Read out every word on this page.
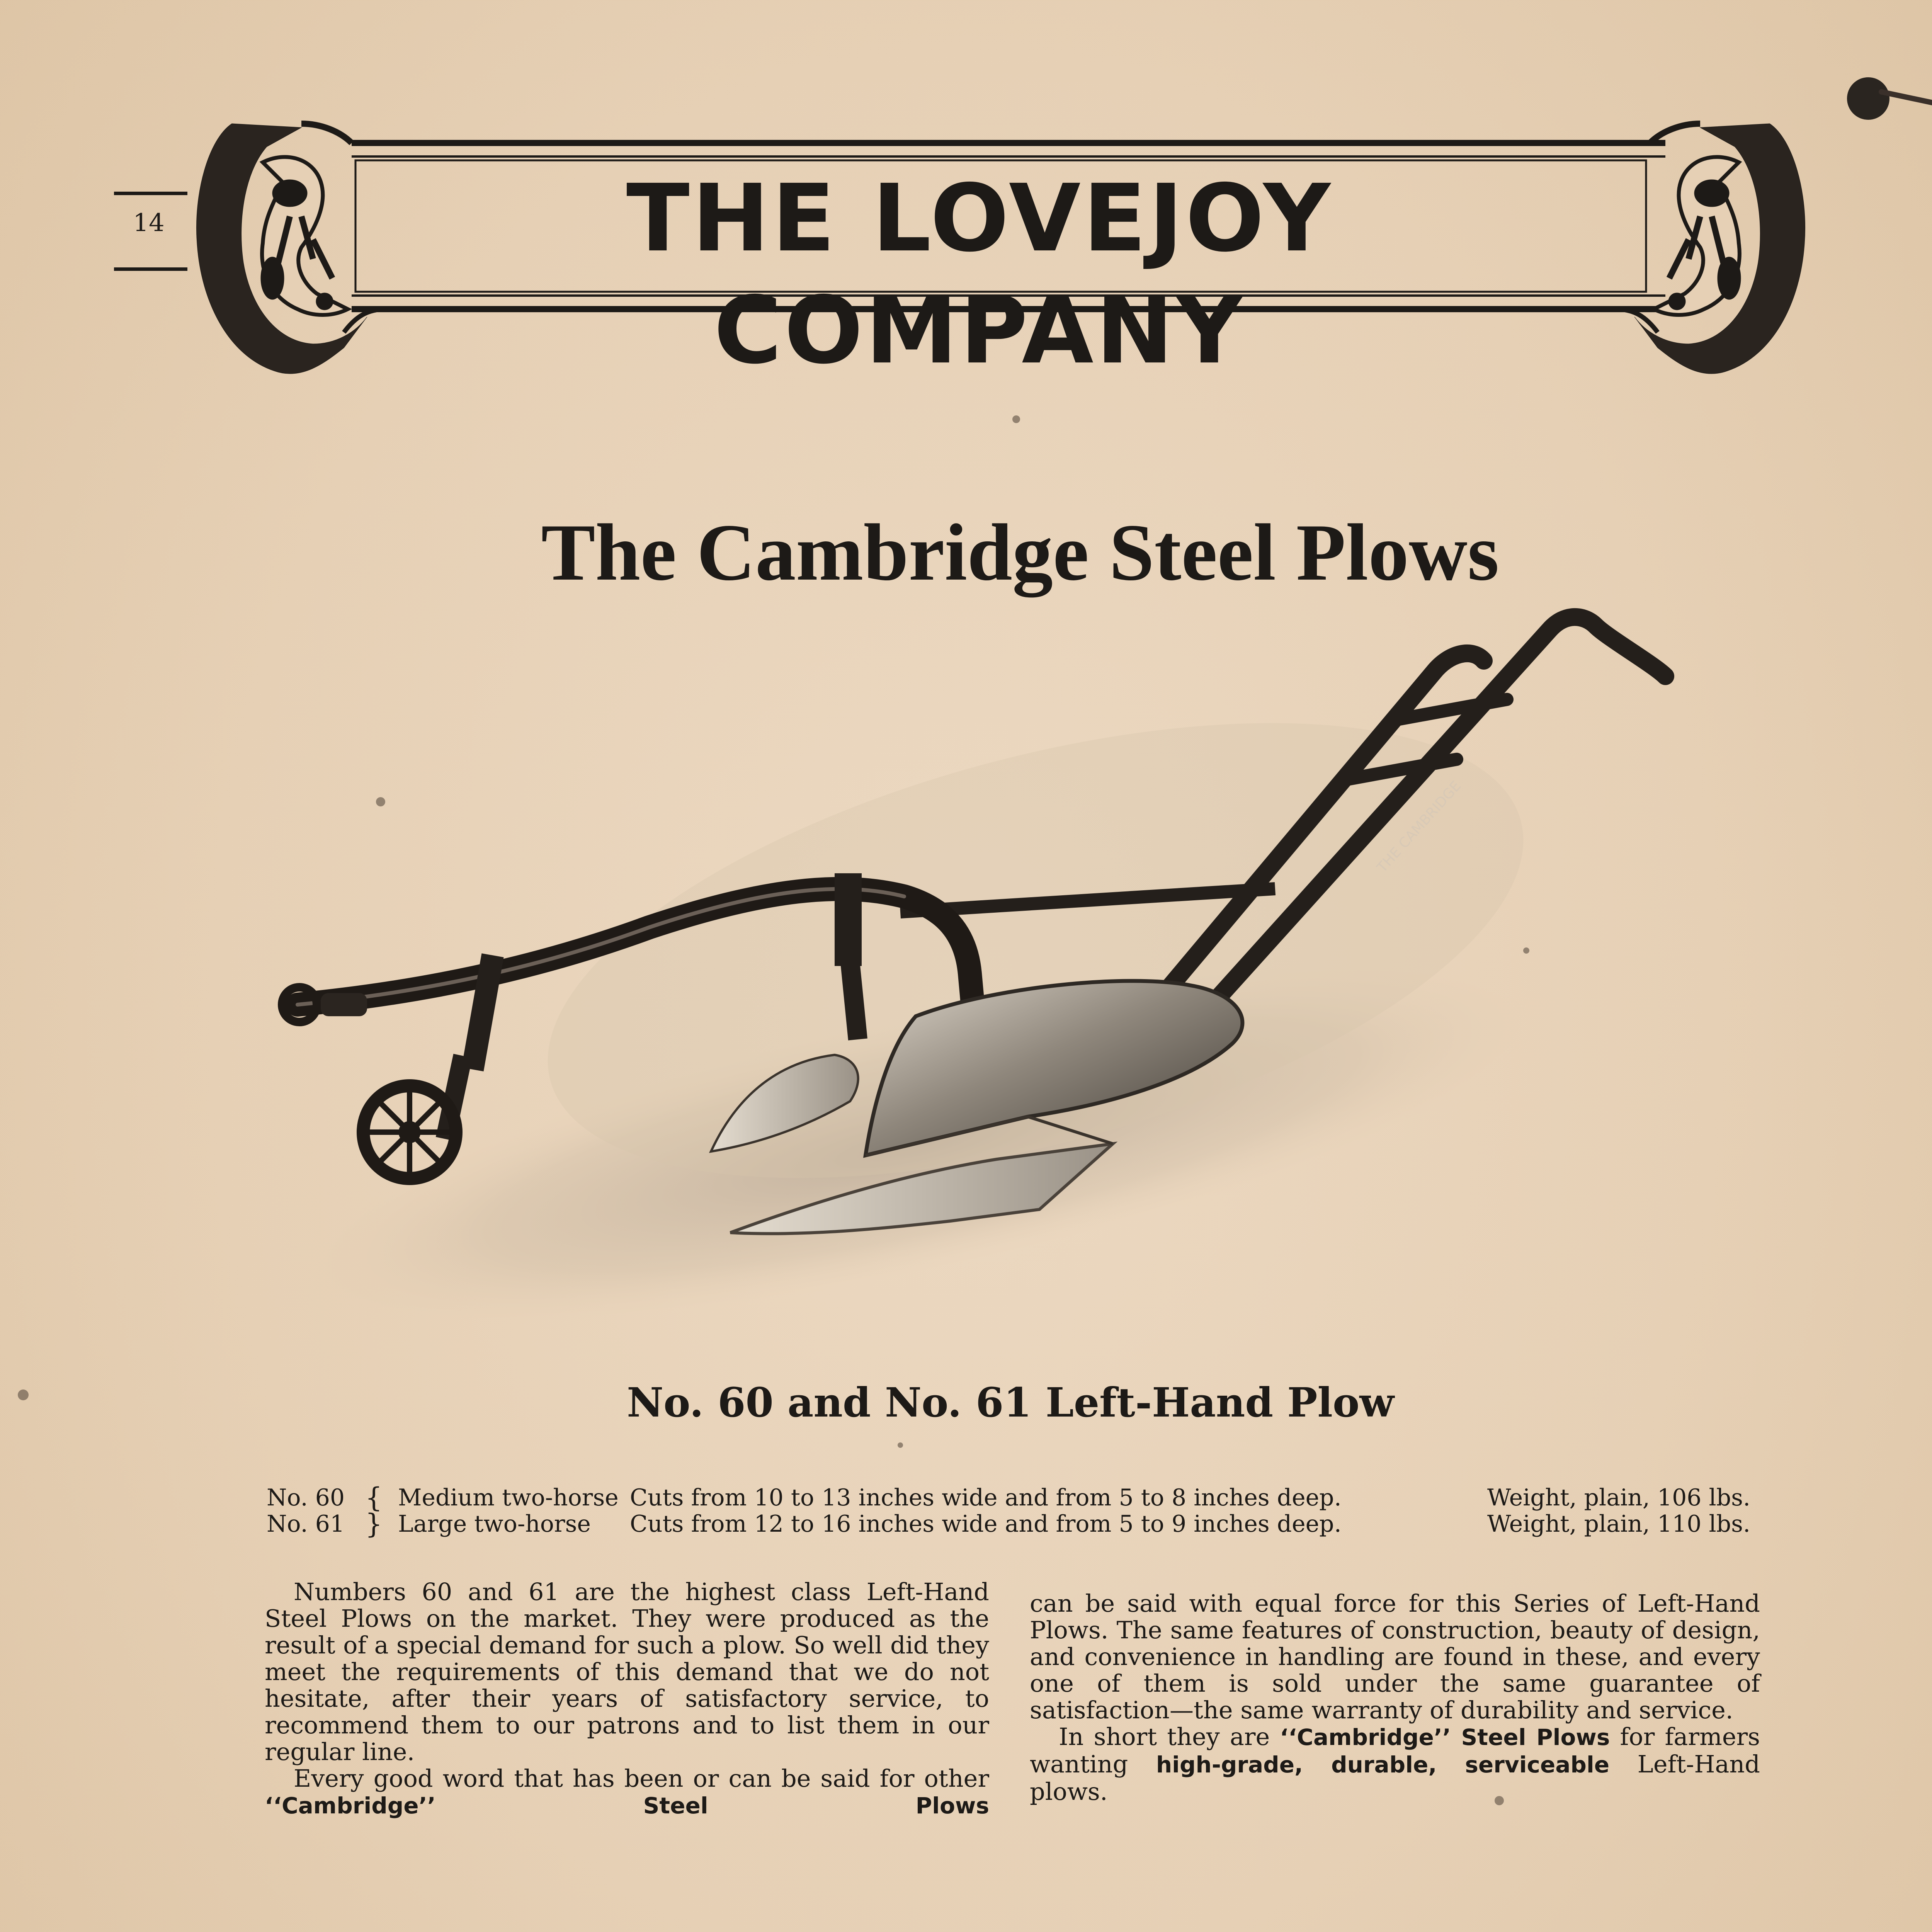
14	THE LOVEJOY COMPANY
The Cambridge Steel Plows
THE CAMBRIDGE
No. 60 and No. 61 Left-Hand Plow
No. 60 { Medium two-horse Cuts from 10 to 13 inches wide and from 5 to 8 inches deep.	Weight, plain, 106 lbs.
No. 61 } Large two-horse Cuts from 12 to 16 inches wide and from 5 to 9 inches deep.	Weight, plain, 110 lbs.

Numbers 60 and 61 are the highest class Left-Hand Steel Plows on the market. They were produced as the result of a special demand for such a plow. So well did they meet the requirements of this demand that we do not hesitate, after their years of satisfactory service, to recommend them to our patrons and to list them in our regular line.

Every good word that has been or can be said for other ‘‘Cambridge’’ Steel Plows

can be said with equal force for this Series of Left-Hand Plows. The same features of construction, beauty of design, and convenience in handling are found in these, and every one of them is sold under the same guarantee of satisfaction—the same warranty of durability and service.

In short they are ‘‘Cambridge’’ Steel Plows for farmers wanting high-grade, durable, serviceable Left-Hand plows.
